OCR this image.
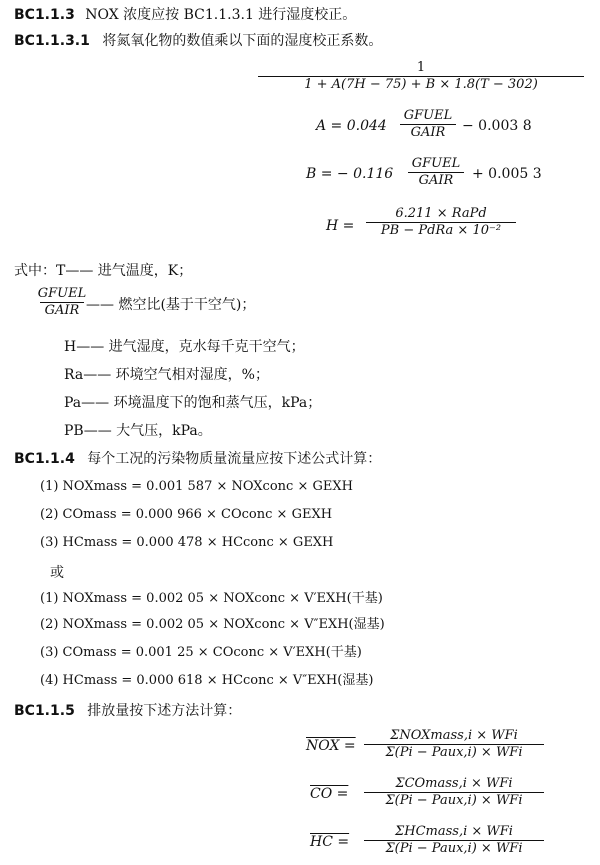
BC1.1.3 NOX 浓度应按 BC1.1.3.1 进行湿度校正。
BC1.1.3.1 将氮氧化物的数值乘以下面的湿度校正系数。
1
1 + A(7H − 75) + B × 1.8(T − 302)
A = 0.044
GFUEL
GAIR − 0.003 8
B = − 0.116
GFUEL
GAIR + 0.005 3
H =
6.211 × RaPd
PB − PdRa × 10⁻²
式中：T—— 进气温度，K；
GFUEL
GAIR —— 燃空比(基于干空气)；
H—— 进气湿度，克水每千克干空气；
Ra—— 环境空气相对湿度，%；
Pa—— 环境温度下的饱和蒸气压，kPa；
PB—— 大气压，kPa。
BC1.1.4 每个工况的污染物质量流量应按下述公式计算：
(1) NOXmass = 0.001 587 × NOXconc × GEXH
(2) COmass = 0.000 966 × COconc × GEXH
(3) HCmass = 0.000 478 × HCconc × GEXH
或
(1) NOXmass = 0.002 05 × NOXconc × V′EXH(干基)
(2) NOXmass = 0.002 05 × NOXconc × V″EXH(湿基)
(3) COmass = 0.001 25 × COconc × V′EXH(干基)
(4) HCmass = 0.000 618 × HCconc × V″EXH(湿基)
BC1.1.5 排放量按下述方法计算：
NOX =
ΣNOXmass,i × WFi
Σ(Pi − Paux,i) × WFi
CO =
ΣCOmass,i × WFi
Σ(Pi − Paux,i) × WFi
HC =
ΣHCmass,i × WFi
Σ(Pi − Paux,i) × WFi
